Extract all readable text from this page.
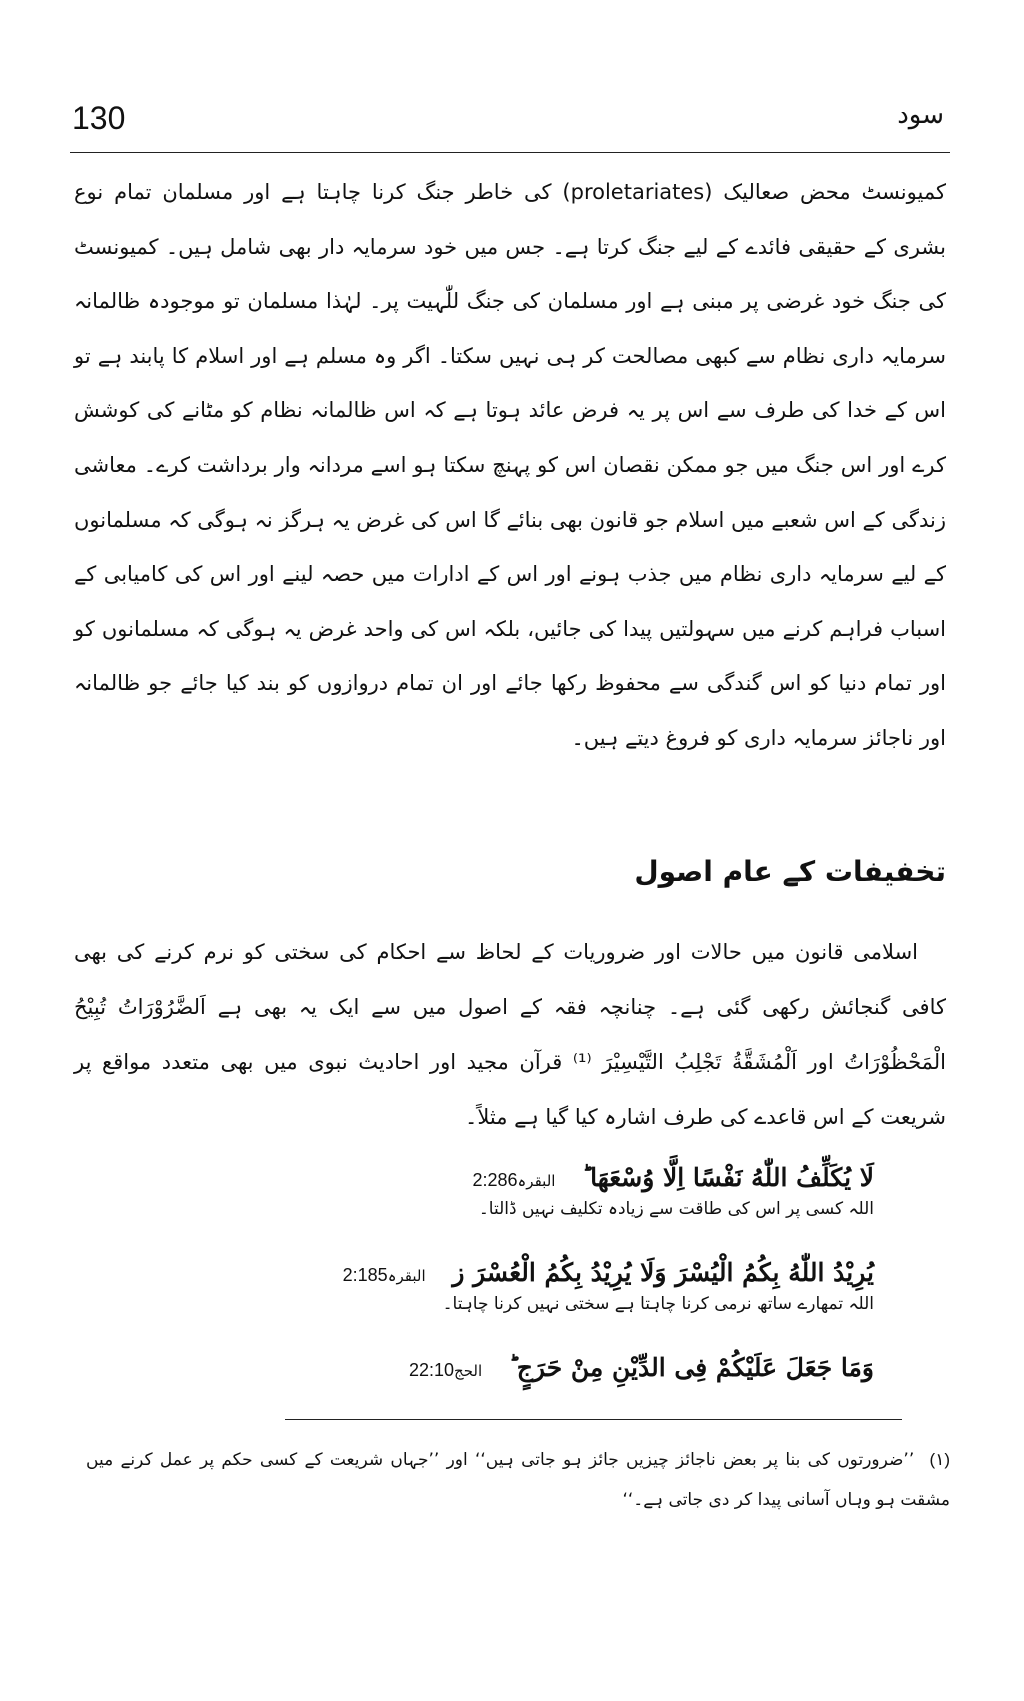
130	سود

کمیونسٹ محض صعالیک (proletariates) کی خاطر جنگ کرنا چاہتا ہے اور مسلمان تمام نوع بشری کے حقیقی فائدے کے لیے جنگ کرتا ہے۔ جس میں خود سرمایہ دار بھی شامل ہیں۔ کمیونسٹ کی جنگ خود غرضی پر مبنی ہے اور مسلمان کی جنگ للّٰہیت پر۔ لہٰذا مسلمان تو موجودہ ظالمانہ سرمایہ داری نظام سے کبھی مصالحت کر ہی نہیں سکتا۔ اگر وہ مسلم ہے اور اسلام کا پابند ہے تو اس کے خدا کی طرف سے اس پر یہ فرض عائد ہوتا ہے کہ اس ظالمانہ نظام کو مٹانے کی کوشش کرے اور اس جنگ میں جو ممکن نقصان اس کو پہنچ سکتا ہو اسے مردانہ وار برداشت کرے۔ معاشی زندگی کے اس شعبے میں اسلام جو قانون بھی بنائے گا اس کی غرض یہ ہرگز نہ ہوگی کہ مسلمانوں کے لیے سرمایہ داری نظام میں جذب ہونے اور اس کے ادارات میں حصہ لینے اور اس کی کامیابی کے اسباب فراہم کرنے میں سہولتیں پیدا کی جائیں، بلکہ اس کی واحد غرض یہ ہوگی کہ مسلمانوں کو اور تمام دنیا کو اس گندگی سے محفوظ رکھا جائے اور ان تمام دروازوں کو بند کیا جائے جو ظالمانہ اور ناجائز سرمایہ داری کو فروغ دیتے ہیں۔

تخفیفات کے عام اصول

اسلامی قانون میں حالات اور ضروریات کے لحاظ سے احکام کی سختی کو نرم کرنے کی بھی کافی گنجائش رکھی گئی ہے۔ چنانچہ فقہ کے اصول میں سے ایک یہ بھی ہے اَلضَّرُوْرَاتُ تُبِیْحُ الْمَحْظُوْرَاتُ اور اَلْمُشَقَّةُ تَجْلِبُ التَّیْسِیْرَ ⁽¹⁾ قرآن مجید اور احادیث نبوی میں بھی متعدد مواقع پر شریعت کے اس قاعدے کی طرف اشارہ کیا گیا ہے مثلاً۔

لَا یُکَلِّفُ اللّٰهُ نَفْسًا اِلَّا وُسْعَهَا ؕ البقرہ2:286
اللہ کسی پر اس کی طاقت سے زیادہ تکلیف نہیں ڈالتا۔
یُرِیْدُ اللّٰهُ بِکُمُ الْیُسْرَ وَلَا یُرِیْدُ بِکُمُ الْعُسْرَ ز البقرہ2:185
اللہ تمھارے ساتھ نرمی کرنا چاہتا ہے سختی نہیں کرنا چاہتا۔
وَمَا جَعَلَ عَلَیْکُمْ فِی الدِّیْنِ مِنْ حَرَجٍ ؕ الحج22:10
(۱) ’’ضرورتوں کی بنا پر بعض ناجائز چیزیں جائز ہو جاتی ہیں‘‘ اور ’’جہاں شریعت کے کسی حکم پر عمل کرنے میں مشقت ہو وہاں آسانی پیدا کر دی جاتی ہے۔‘‘
